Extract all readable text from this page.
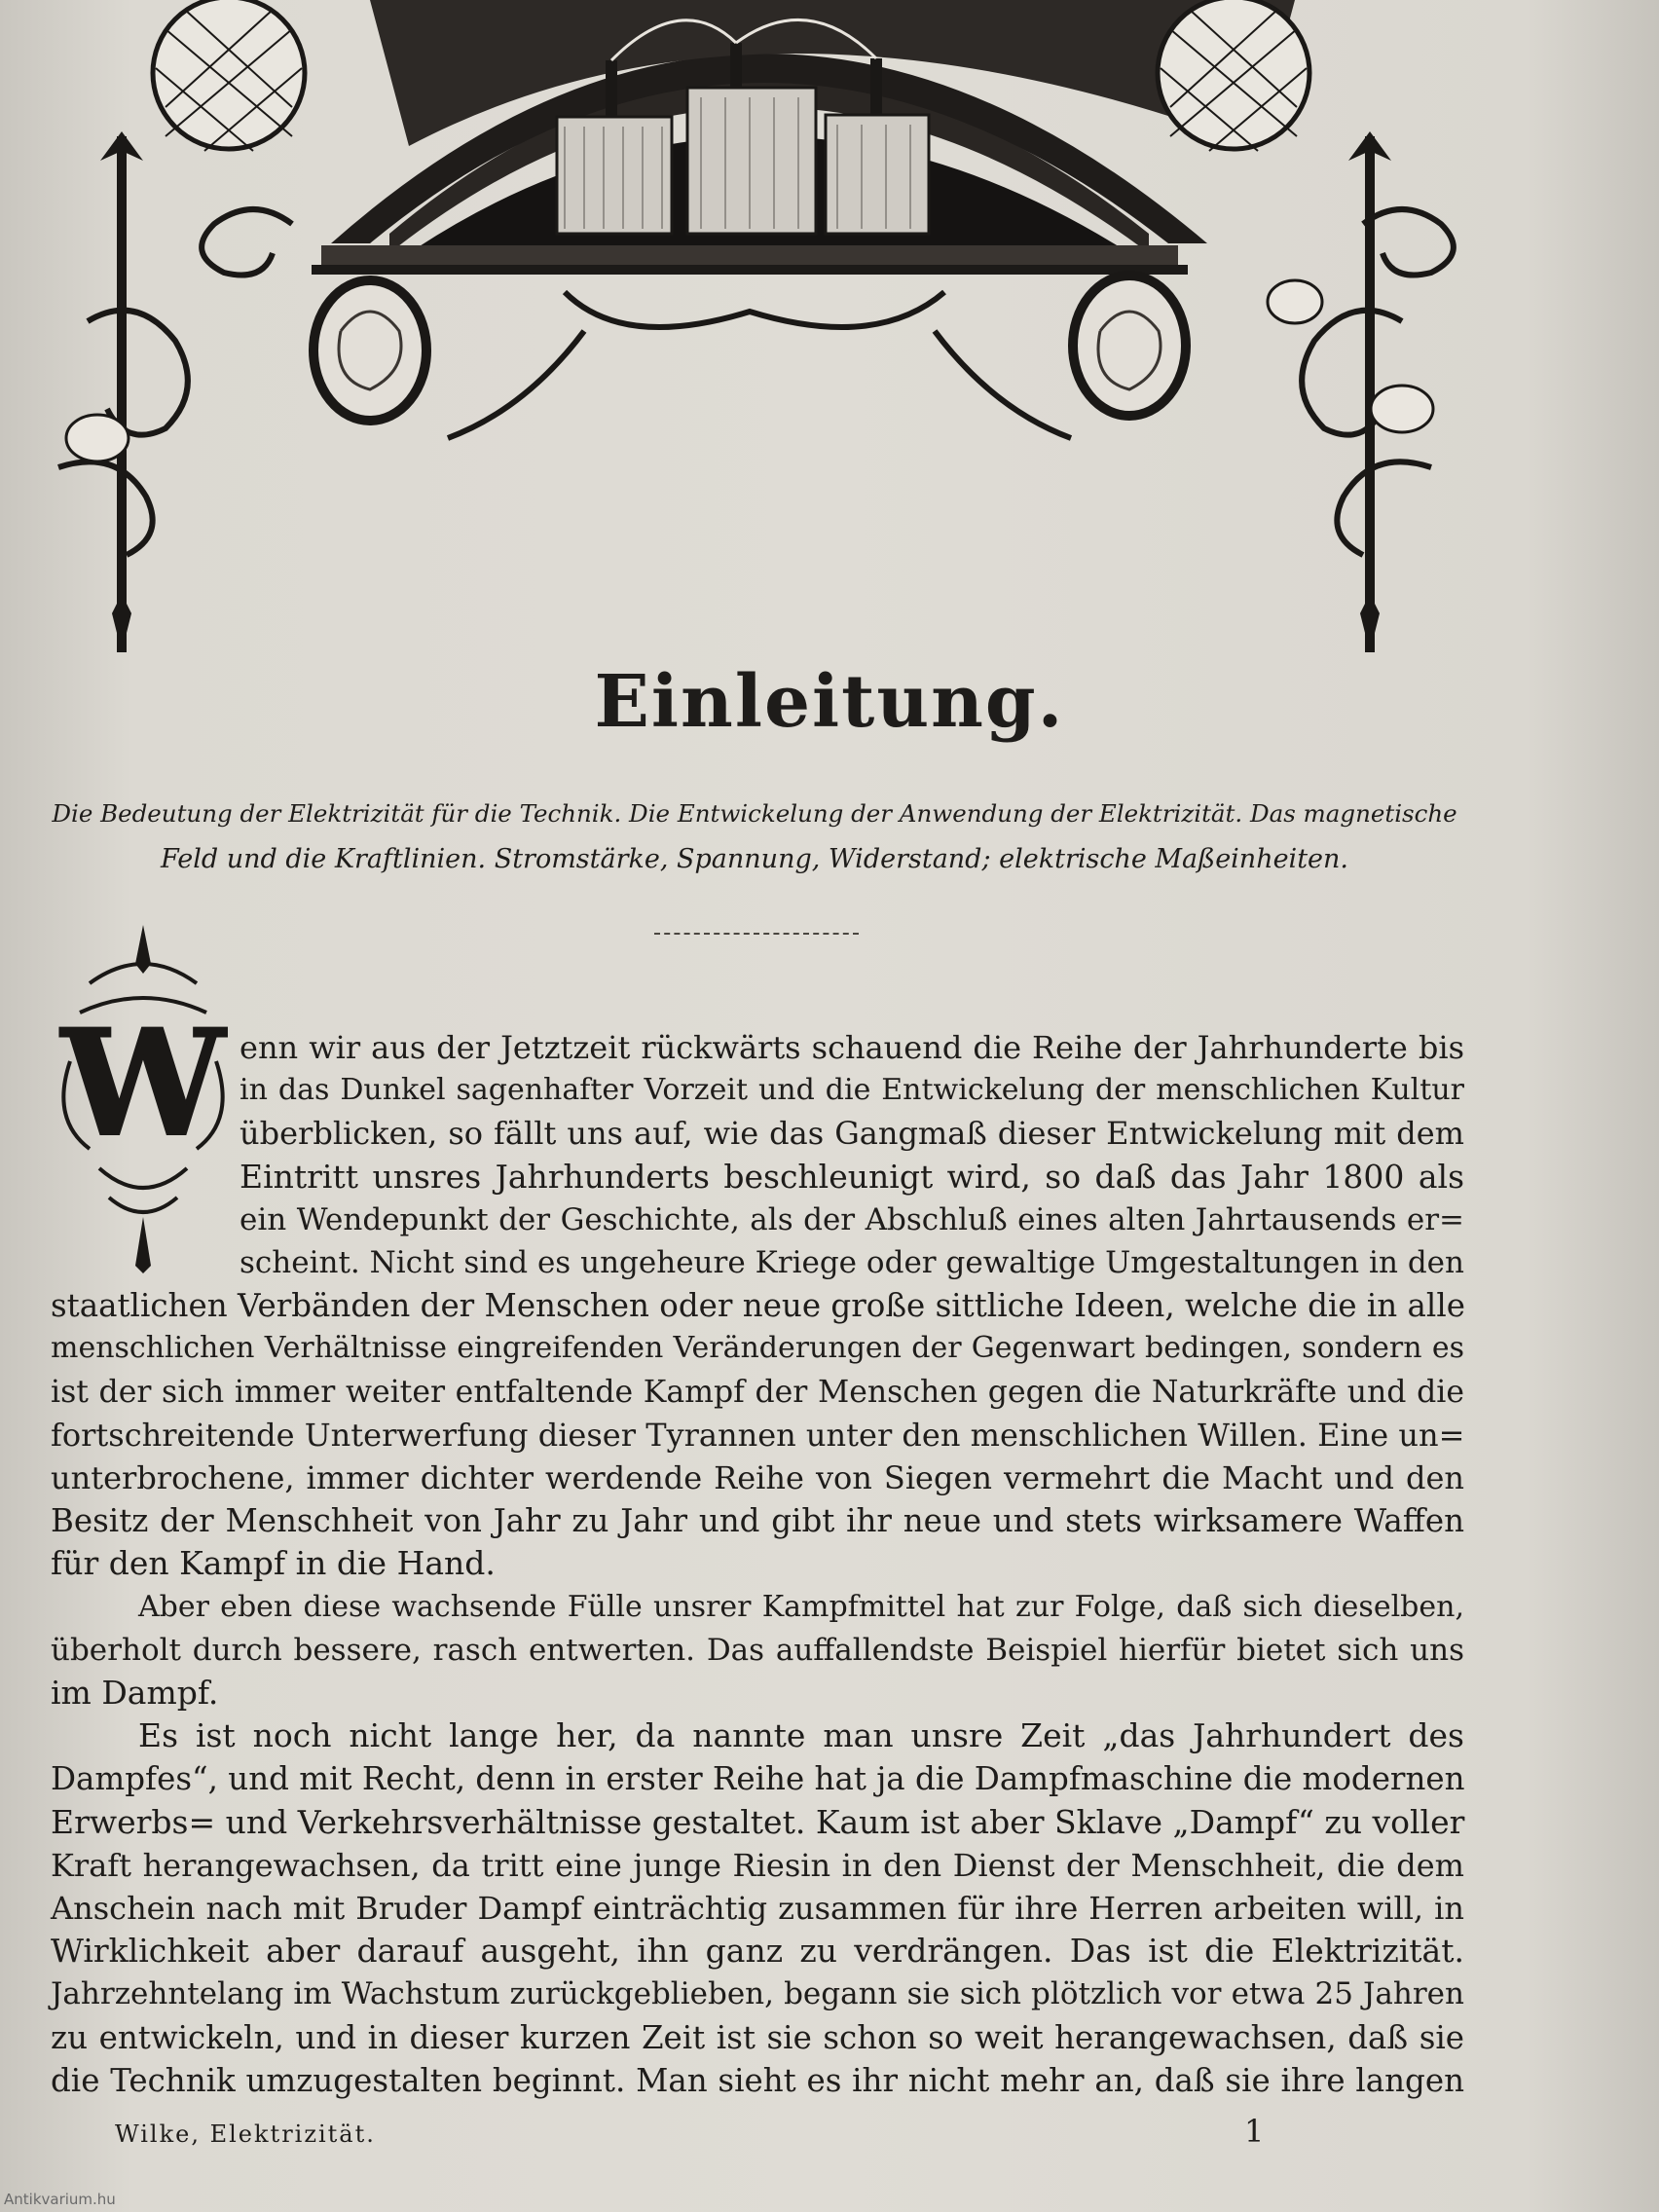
Einleitung.
Die Bedeutung der Elektrizität für die Technik. Die Entwickelung der Anwendung der Elektrizität. Das magnetische
Feld und die Kraftlinien. Stromstärke, Spannung, Widerstand; elektrische Maßeinheiten.
W enn wir aus der Jetztzeit rückwärts schauend die Reihe der Jahrhunderte bis
in das Dunkel sagenhafter Vorzeit und die Entwickelung der menschlichen Kultur
überblicken, so fällt uns auf, wie das Gangmaß dieser Entwickelung mit dem
Eintritt unsres Jahrhunderts beschleunigt wird, so daß das Jahr 1800 als
ein Wendepunkt der Geschichte, als der Abschluß eines alten Jahrtausends er=
scheint. Nicht sind es ungeheure Kriege oder gewaltige Umgestaltungen in den
staatlichen Verbänden der Menschen oder neue große sittliche Ideen, welche die in alle
menschlichen Verhältnisse eingreifenden Veränderungen der Gegenwart bedingen, sondern es
ist der sich immer weiter entfaltende Kampf der Menschen gegen die Naturkräfte und die
fortschreitende Unterwerfung dieser Tyrannen unter den menschlichen Willen. Eine un=
unterbrochene, immer dichter werdende Reihe von Siegen vermehrt die Macht und den
Besitz der Menschheit von Jahr zu Jahr und gibt ihr neue und stets wirksamere Waffen
für den Kampf in die Hand.
Aber eben diese wachsende Fülle unsrer Kampfmittel hat zur Folge, daß sich dieselben,
überholt durch bessere, rasch entwerten. Das auffallendste Beispiel hierfür bietet sich uns
im Dampf.
Es ist noch nicht lange her, da nannte man unsre Zeit „das Jahrhundert des
Dampfes“, und mit Recht, denn in erster Reihe hat ja die Dampfmaschine die modernen
Erwerbs= und Verkehrsverhältnisse gestaltet. Kaum ist aber Sklave „Dampf“ zu voller
Kraft herangewachsen, da tritt eine junge Riesin in den Dienst der Menschheit, die dem
Anschein nach mit Bruder Dampf einträchtig zusammen für ihre Herren arbeiten will, in
Wirklichkeit aber darauf ausgeht, ihn ganz zu verdrängen. Das ist die Elektrizität.
Jahrzehntelang im Wachstum zurückgeblieben, begann sie sich plötzlich vor etwa 25 Jahren
zu entwickeln, und in dieser kurzen Zeit ist sie schon so weit herangewachsen, daß sie
die Technik umzugestalten beginnt. Man sieht es ihr nicht mehr an, daß sie ihre langen
Wilke, Elektrizität.	1
Antikvarium.hu
